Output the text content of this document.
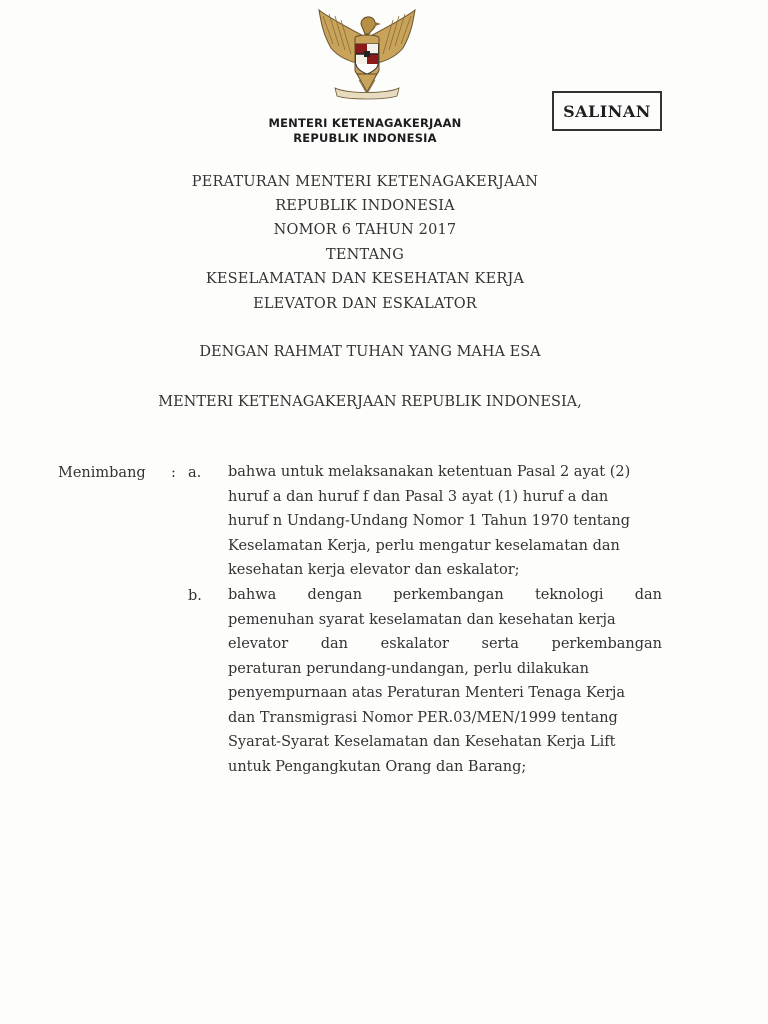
SALINAN
MENTERI KETENAGAKERJAAN
REPUBLIK INDONESIA
PERATURAN MENTERI KETENAGAKERJAAN
REPUBLIK INDONESIA
NOMOR 6 TAHUN 2017
TENTANG
KESELAMATAN DAN KESEHATAN KERJA
ELEVATOR DAN ESKALATOR
DENGAN RAHMAT TUHAN YANG MAHA ESA
MENTERI KETENAGAKERJAAN REPUBLIK INDONESIA,
Menimbang : a. bahwa untuk melaksanakan ketentuan Pasal 2 ayat (2)
huruf a dan huruf f dan Pasal 3 ayat (1) huruf a dan
huruf n Undang-Undang Nomor 1 Tahun 1970 tentang
Keselamatan Kerja, perlu mengatur keselamatan dan
kesehatan kerja elevator dan eskalator;
b. bahwa dengan perkembangan teknologi dan
pemenuhan syarat keselamatan dan kesehatan kerja
elevator dan eskalator serta perkembangan
peraturan perundang-undangan, perlu dilakukan
penyempurnaan atas Peraturan Menteri Tenaga Kerja
dan Transmigrasi Nomor PER.03/MEN/1999 tentang
Syarat-Syarat Keselamatan dan Kesehatan Kerja Lift
untuk Pengangkutan Orang dan Barang;
